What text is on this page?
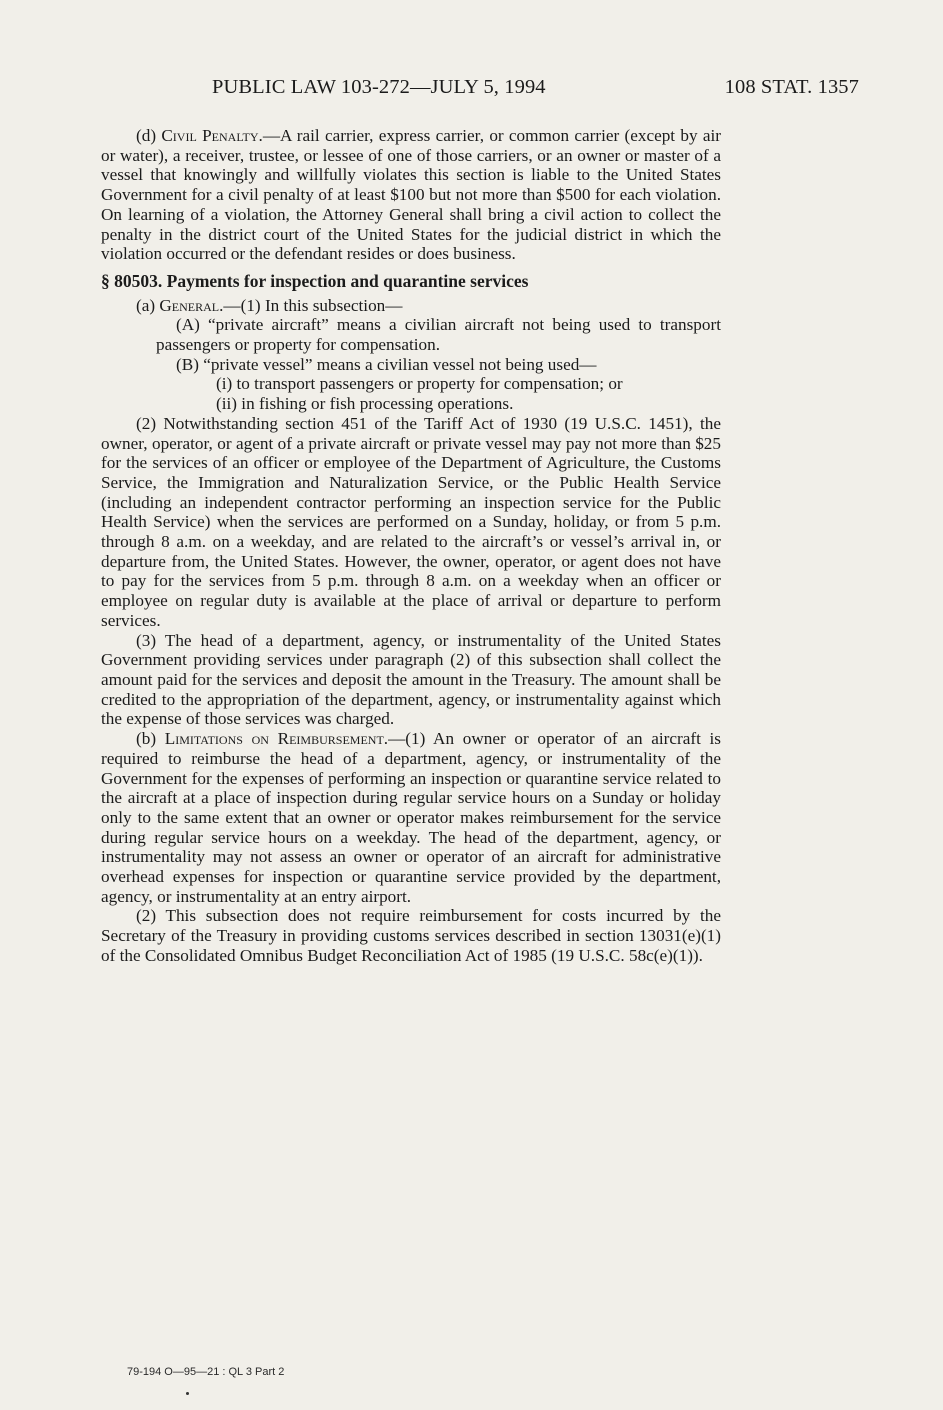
PUBLIC LAW 103-272—JULY 5, 1994	108 STAT. 1357

(d) Civil Penalty.—A rail carrier, express carrier, or common carrier (except by air or water), a receiver, trustee, or lessee of one of those carriers, or an owner or master of a vessel that knowingly and willfully violates this section is liable to the United States Government for a civil penalty of at least $100 but not more than $500 for each violation. On learning of a violation, the Attorney General shall bring a civil action to collect the penalty in the district court of the United States for the judicial district in which the violation occurred or the defendant resides or does business.

§ 80503. Payments for inspection and quarantine services

(a) General.—(1) In this subsection—

(A) “private aircraft” means a civilian aircraft not being used to transport passengers or property for compensation.

(B) “private vessel” means a civilian vessel not being used—

(i) to transport passengers or property for compensation; or

(ii) in fishing or fish processing operations.

(2) Notwithstanding section 451 of the Tariff Act of 1930 (19 U.S.C. 1451), the owner, operator, or agent of a private aircraft or private vessel may pay not more than $25 for the services of an officer or employee of the Department of Agriculture, the Customs Service, the Immigration and Naturalization Service, or the Public Health Service (including an independent contractor performing an inspection service for the Public Health Service) when the services are performed on a Sunday, holiday, or from 5 p.m. through 8 a.m. on a weekday, and are related to the aircraft’s or vessel’s arrival in, or departure from, the United States. However, the owner, operator, or agent does not have to pay for the services from 5 p.m. through 8 a.m. on a weekday when an officer or employee on regular duty is available at the place of arrival or departure to perform services.

(3) The head of a department, agency, or instrumentality of the United States Government providing services under paragraph (2) of this subsection shall collect the amount paid for the services and deposit the amount in the Treasury. The amount shall be credited to the appropriation of the department, agency, or instrumentality against which the expense of those services was charged.

(b) Limitations on Reimbursement.—(1) An owner or operator of an aircraft is required to reimburse the head of a department, agency, or instrumentality of the Government for the expenses of performing an inspection or quarantine service related to the aircraft at a place of inspection during regular service hours on a Sunday or holiday only to the same extent that an owner or operator makes reimbursement for the service during regular service hours on a weekday. The head of the department, agency, or instrumentality may not assess an owner or operator of an aircraft for administrative overhead expenses for inspection or quarantine service provided by the department, agency, or instrumentality at an entry airport.

(2) This subsection does not require reimbursement for costs incurred by the Secretary of the Treasury in providing customs services described in section 13031(e)(1) of the Consolidated Omnibus Budget Reconciliation Act of 1985 (19 U.S.C. 58c(e)(1)).

79-194 O—95—21 : QL 3 Part 2
